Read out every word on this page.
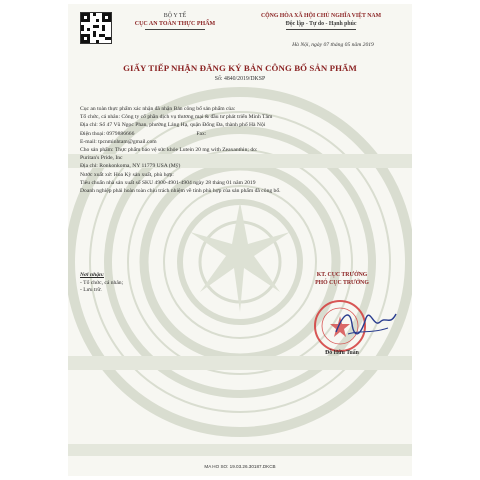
BỘ Y TẾ
CỤC AN TOÀN THỰC PHẨM
CỘNG HÒA XÃ HỘI CHỦ NGHĨA VIỆT NAM
Độc lập - Tự do - Hạnh phúc
Hà Nội, ngày 07 tháng 05 năm 2019
GIẤY TIẾP NHẬN ĐĂNG KÝ BẢN CÔNG BỐ SẢN PHẨM
Số: 4840/2019/DKSP
Cục an toàn thực phẩm xác nhận đã nhận Bản công bố sản phẩm của:
Tổ chức, cá nhân: Công ty cổ phần dịch vụ thương mại & đầu tư phát triển Minh Tâm
Địa chỉ: Số 47 Vũ Ngọc Phan, phường Láng Hạ, quận Đống Đa, thành phố Hà Nội
Điện thoại: 0979886666	Fax:
E-mail: tpcnminhtam@gmail.com
Cho sản phẩm: Thực phẩm bảo vệ sức khỏe Lutein 20 mg with Zeaxanthin; do:
Puritan's Pride, Inc
Địa chỉ: Ronkonkoma, NY 11779 USA (Mỹ)
Nước xuất xứ: Hoa Kỳ sản xuất, phù hợp:
Tiêu chuẩn nhà sản xuất số SKU 4900-4901-4904 ngày 28 tháng 01 năm 2019
Doanh nghiệp phải hoàn toàn chịu trách nhiệm về tính phù hợp của sản phẩm đã công bố.
Nơi nhận:
- Tổ chức, cá nhân;
- Lưu trữ.
KT. CỤC TRƯỞNG
PHÓ CỤC TRƯỞNG
Đỗ Hữu Tuấn
MA HO SO: 19.03.26.30187.DKCB
